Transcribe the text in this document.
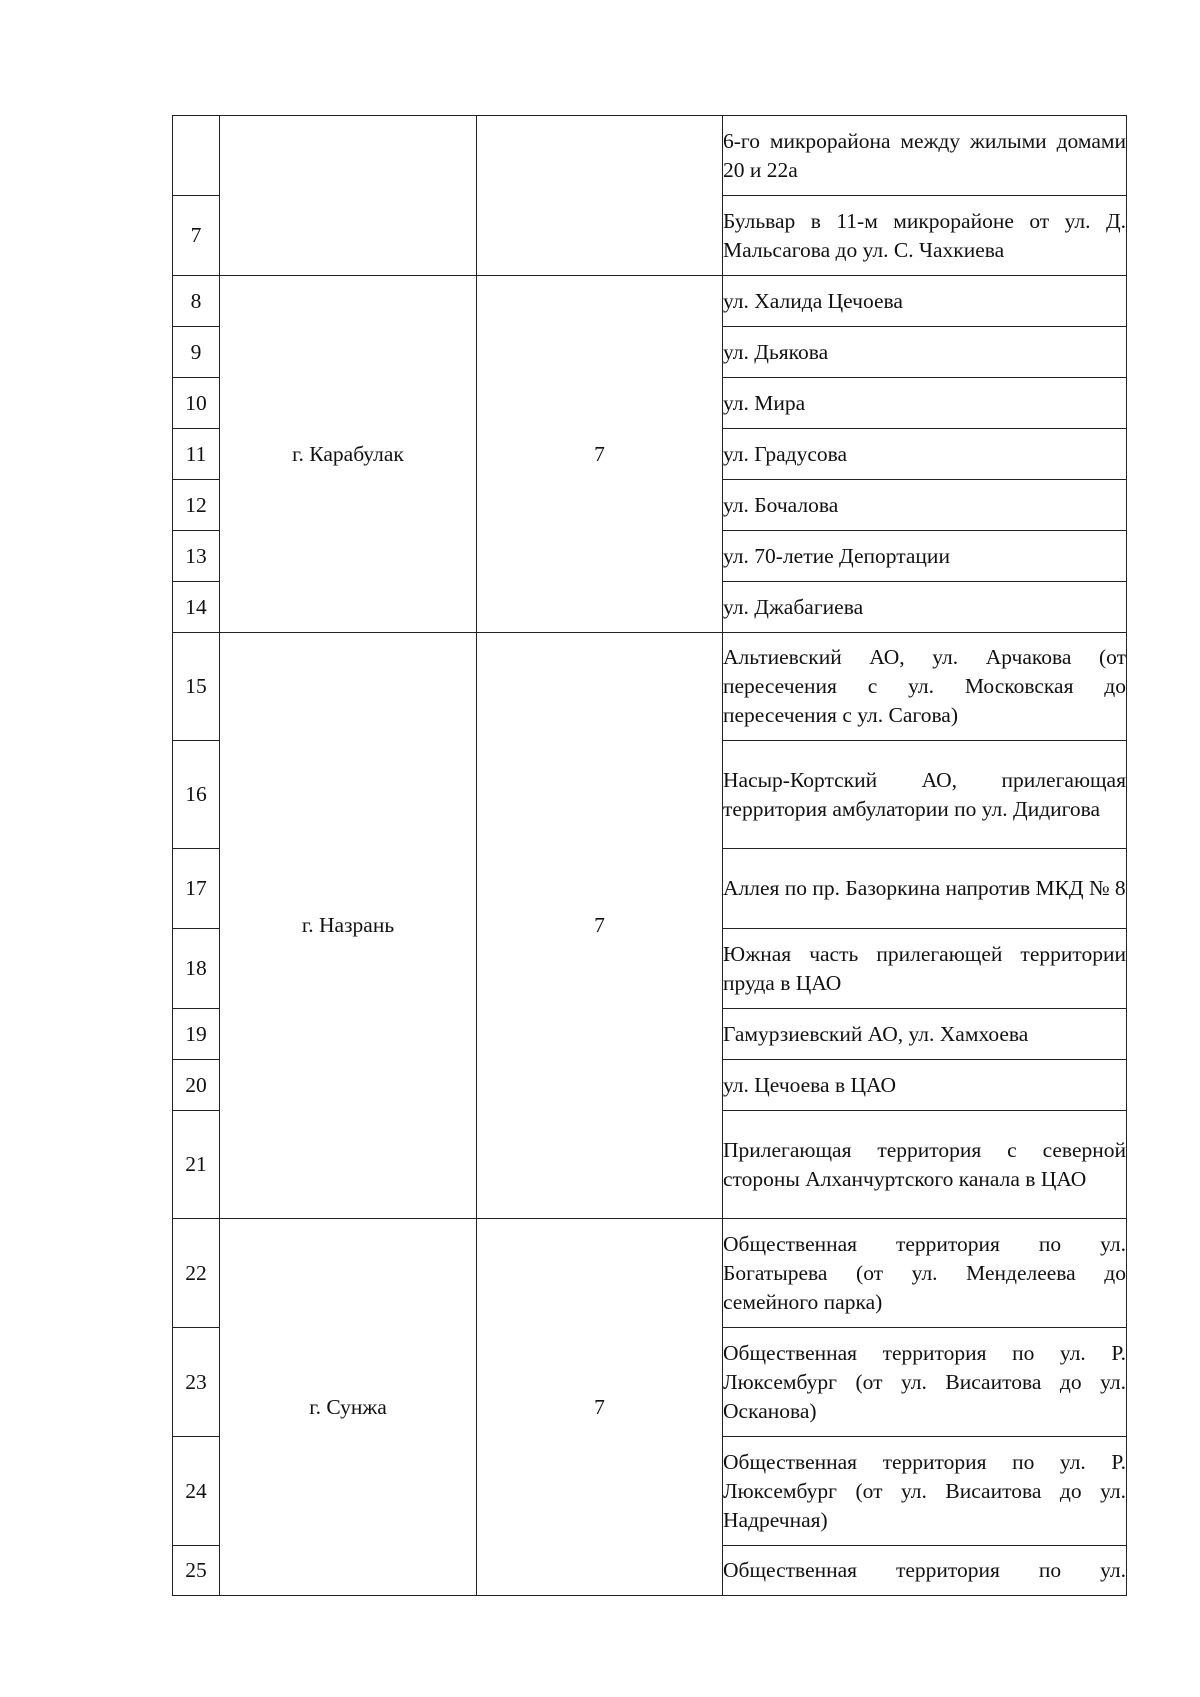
			6-го микрорайона между жилыми домами 20 и 22а
7			Бульвар в 11-м микрорайоне от ул. Д. Мальсагова до ул. С. Чахкиева
8	г. Карабулак	7	ул. Халида Цечоева
9			ул. Дьякова
10			ул. Мира
11			ул. Градусова
12			ул. Бочалова
13			ул. 70-летие Депортации
14			ул. Джабагиева
15	г. Назрань	7	Альтиевский АО, ул. Арчакова (от пересечения с ул. Московская до пересечения с ул. Сагова)
16			Насыр-Кортский АО, прилегающая территория амбулатории по ул. Дидигова
17			Аллея по пр. Базоркина напротив МКД № 8
18			Южная часть прилегающей территории пруда в ЦАО
19			Гамурзиевский АО, ул. Хамхоева
20			ул. Цечоева в ЦАО
21			Прилегающая территория с северной стороны Алханчуртского канала в ЦАО
22	г. Сунжа	7	Общественная территория по ул. Богатырева (от ул. Менделеева до семейного парка)
23			Общественная территория по ул. Р. Люксембург (от ул. Висаитова до ул. Осканова)
24			Общественная территория по ул. Р. Люксембург (от ул. Висаитова до ул. Надречная)
25			Общественная территория по ул.
